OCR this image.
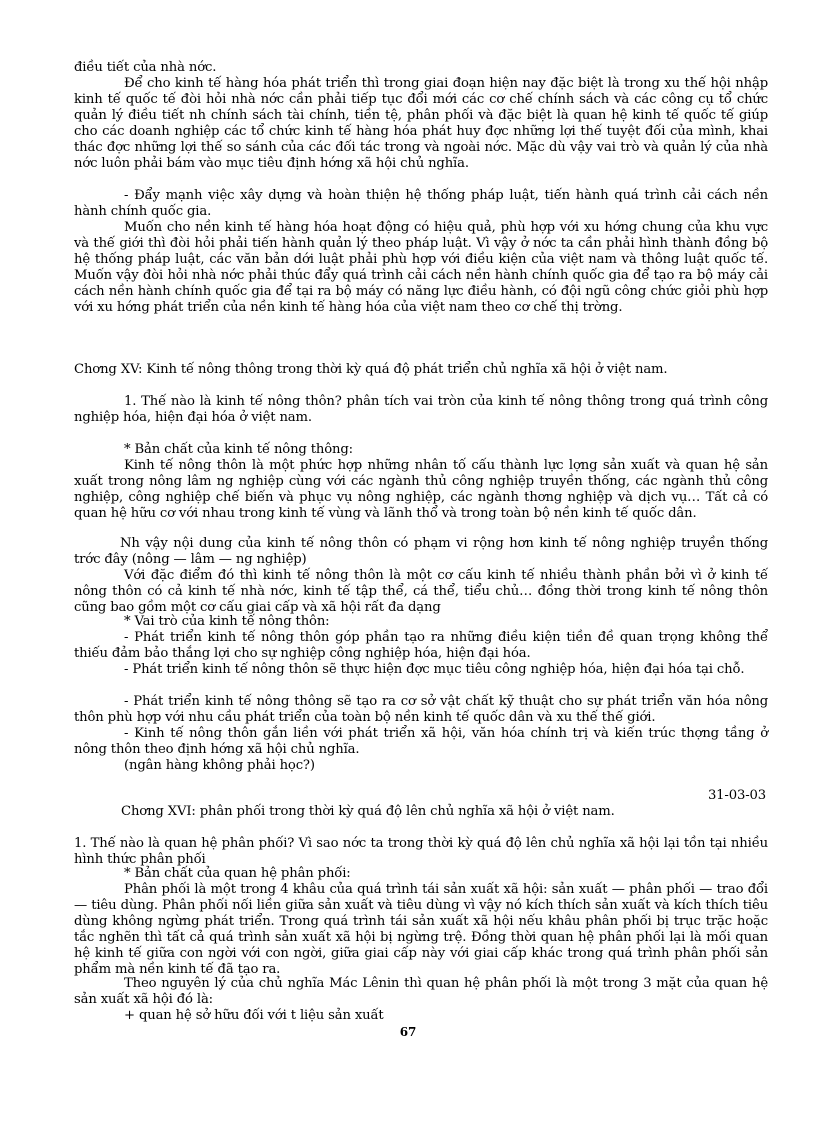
điều tiết của nhà nớc.

Để cho kinh tế hàng hóa phát triển thì trong giai đoạn hiện nay đặc biệt là trong xu thế hội nhập kinh tế quốc tế đòi hỏi nhà nớc cần phải tiếp tục đổi mới các cơ chế chính sách và các công cụ tổ chức quản lý điều tiết nh chính sách tài chính, tiền tệ, phân phối và đặc biệt là quan hệ kinh tế quốc tế giúp cho các doanh nghiệp các tổ chức kinh tế hàng hóa phát huy đợc những lợi thế tuyệt đối của mình, khai thác đợc những lợi thế so sánh của các đối tác trong và ngoài nớc. Mặc dù vậy vai trò và quản lý của nhà nớc luôn phải bám vào mục tiêu định hớng xã hội chủ nghĩa.

- Đẩy mạnh việc xây dựng và hoàn thiện hệ thống pháp luật, tiến hành quá trình cải cách nền hành chính quốc gia.

Muốn cho nền kinh tế hàng hóa hoạt động có hiệu quả, phù hợp với xu hớng chung của khu vực và thế giới thì đòi hỏi phải tiến hành quản lý theo pháp luật. Vì vậy ở nớc ta cần phải hình thành đồng bộ hệ thống pháp luật, các văn bản dới luật phải phù hợp với điều kiện của việt nam và thông luật quốc tế. Muốn vậy đòi hỏi nhà nớc phải thúc đẩy quá trình cải cách nền hành chính quốc gia để tạo ra bộ máy cải cách nền hành chính quốc gia để tại ra bộ máy có năng lực điều hành, có đội ngũ công chức giỏi phù hợp với xu hớng phát triển của nền kinh tế hàng hóa của việt nam theo cơ chế thị trờng.

Chơng XV: Kinh tế nông thông trong thời kỳ quá độ phát triển chủ nghĩa xã hội ở việt nam.

1. Thế nào là kinh tế nông thôn? phân tích vai tròn của kinh tế nông thông trong quá trình công nghiệp hóa, hiện đại hóa ở việt nam.

* Bản chất của kinh tế nông thông:

Kinh tế nông thôn là một phức hợp những nhân tố cấu thành lực lợng sản xuất và quan hệ sản xuất trong nông lâm ng nghiệp cùng với các ngành thủ công nghiệp truyền thống, các ngành thủ công nghiệp, công nghiệp chế biến và phục vụ nông nghiệp, các ngành thơng nghiệp và dịch vụ… Tất cả có quan hệ hữu cơ với nhau trong kinh tế vùng và lãnh thổ và trong toàn bộ nền kinh tế quốc dân.

Nh vậy nội dung của kinh tế nông thôn có phạm vi rộng hơn kinh tế nông nghiệp truyền thống trớc đây (nông — lâm — ng nghiệp)

Với đặc điểm đó thì kinh tế nông thôn là một cơ cấu kinh tế nhiều thành phần bởi vì ở kinh tế nông thôn có cả kinh tế nhà nớc, kinh tế tập thể, cá thể, tiểu chủ… đồng thời trong kinh tế nông thôn cũng bao gồm một cơ cấu giai cấp và xã hội rất đa dạng

* Vai trò của kinh tế nông thôn:

- Phát triển kinh tế nông thôn góp phần tạo ra những điều kiện tiền đề quan trọng không thể thiếu đảm bảo thắng lợi cho sự nghiệp công nghiệp hóa, hiện đại hóa.

- Phát triển kinh tế nông thôn sẽ thực hiện đợc mục tiêu công nghiệp hóa, hiện đại hóa tại chỗ.

- Phát triển kinh tế nông thông sẽ tạo ra cơ sở vật chất kỹ thuật cho sự phát triển văn hóa nông thôn phù hợp với nhu cầu phát triển của toàn bộ nền kinh tế quốc dân và xu thế thế giới.

- Kinh tế nông thôn gắn liền với phát triển xã hội, văn hóa chính trị và kiến trúc thợng tầng ở nông thôn theo định hớng xã hội chủ nghĩa.

(ngân hàng không phải học?)

31-03-03

Chơng XVI: phân phối trong thời kỳ quá độ lên chủ nghĩa xã hội ở việt nam.

1. Thế nào là quan hệ phân phối? Vì sao nớc ta trong thời kỳ quá độ lên chủ nghĩa xã hội lại tồn tại nhiều hình thức phân phối

* Bản chất của quan hệ phân phối:

Phân phối là một trong 4 khâu của quá trình tái sản xuất xã hội: sản xuất — phân phối — trao đổi — tiêu dùng. Phân phối nối liền giữa sản xuất và tiêu dùng vì vậy nó kích thích sản xuất và kích thích tiêu dùng không ngừng phát triển. Trong quá trình tái sản xuất xã hội nếu khâu phân phối bị trục trặc hoặc tắc nghẽn thì tất cả quá trình sản xuất xã hội bị ngừng trệ. Đồng thời quan hệ phân phối lại là mối quan hệ kinh tế giữa con ngời với con ngời, giữa giai cấp này với giai cấp khác trong quá trình phân phối sản phẩm mà nền kinh tế đã tạo ra.

Theo nguyên lý của chủ nghĩa Mác Lênin thì quan hệ phân phối là một trong 3 mặt của quan hệ sản xuất xã hội đó là:

+ quan hệ sở hữu đối với t liệu sản xuất

67
